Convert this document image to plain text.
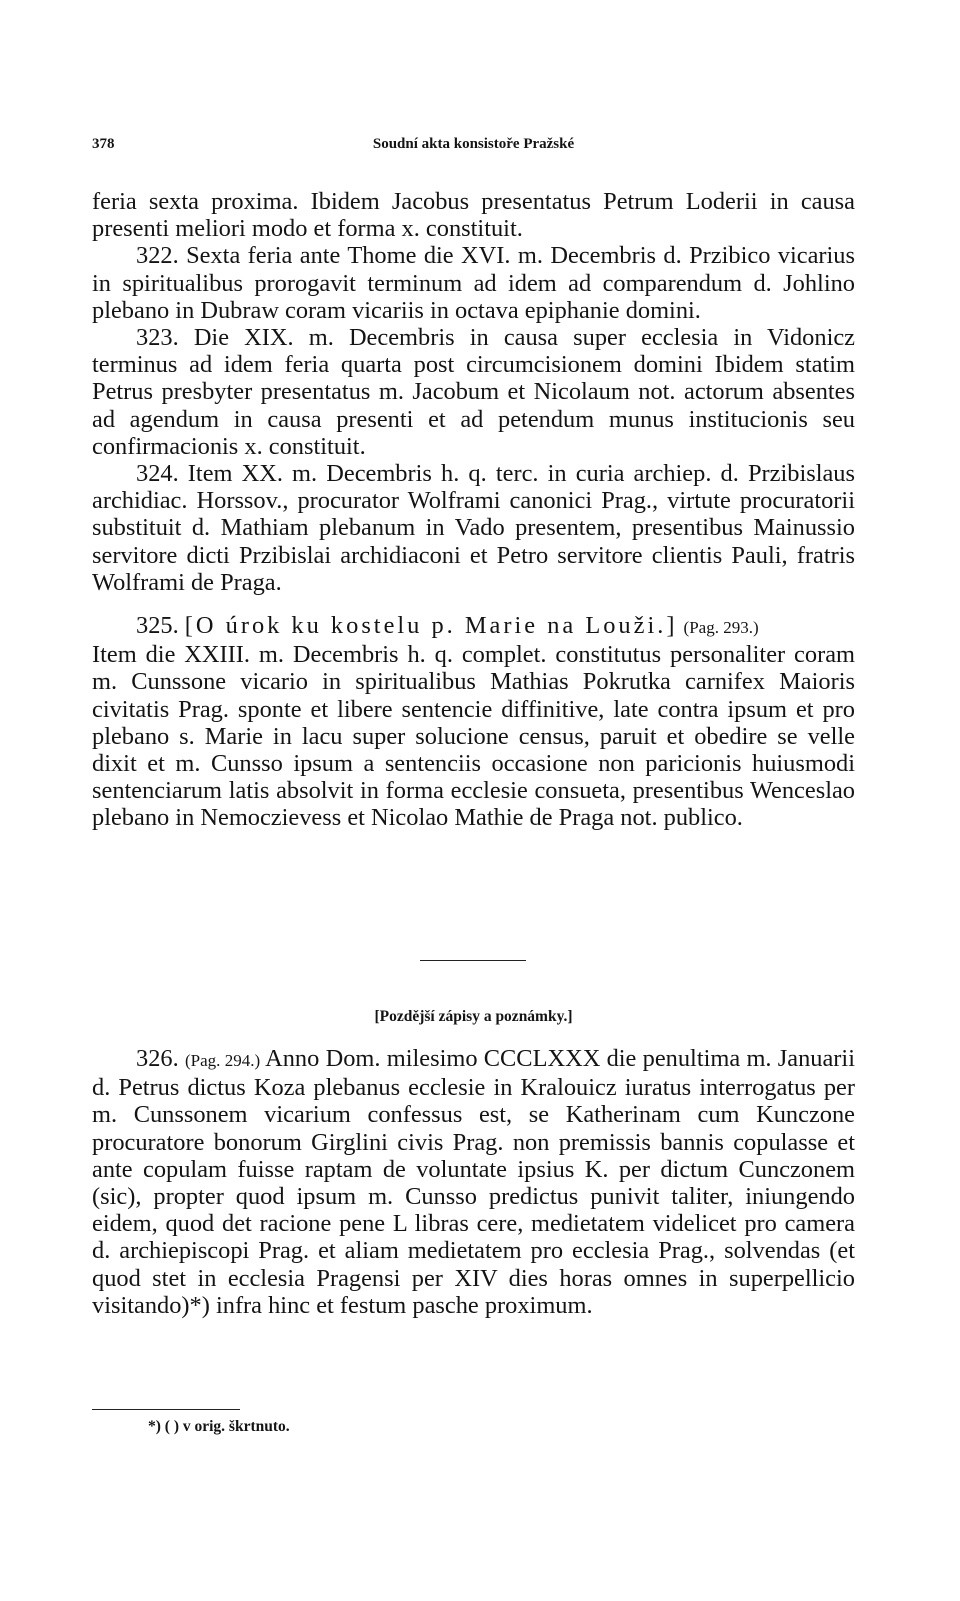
378	Soudní akta konsistoře Pražské

feria sexta proxima. Ibidem Jacobus presentatus Petrum Loderii in causa presenti meliori modo et forma x. constituit.

322. Sexta feria ante Thome die XVI. m. Decembris d. Przibico vicarius in spiritualibus prorogavit terminum ad idem ad comparendum d. Johlino plebano in Dubraw coram vicariis in octava epiphanie domini.

323. Die XIX. m. Decembris in causa super ecclesia in Vidonicz terminus ad idem feria quarta post circumcisionem domini Ibidem statim Petrus presbyter presentatus m. Jacobum et Nicolaum not. actorum absentes ad agendum in causa presenti et ad petendum munus institucionis seu confirmacionis x. constituit.

324. Item XX. m. Decembris h. q. terc. in curia archiep. d. Przibislaus archidiac. Horssov., procurator Wolframi canonici Prag., virtute procuratorii substituit d. Mathiam plebanum in Vado presentem, presentibus Mainussio servitore dicti Przibislai archidiaconi et Petro servitore clientis Pauli, fratris Wolframi de Praga.

325. [O úrok ku kostelu p. Marie na Louži.] (Pag. 293.)

Item die XXIII. m. Decembris h. q. complet. constitutus personaliter coram m. Cunssone vicario in spiritualibus Mathias Pokrutka carnifex Maioris civitatis Prag. sponte et libere sentencie diffinitive, late contra ipsum et pro plebano s. Marie in lacu super solucione census, paruit et obedire se velle dixit et m. Cunsso ipsum a sentenciis occasione non paricionis huiusmodi sentenciarum latis absolvit in forma ecclesie consueta, presentibus Wenceslao plebano in Nemoczievess et Nicolao Mathie de Praga not. publico.

[Pozdější zápisy a poznámky.]

326. (Pag. 294.) Anno Dom. milesimo CCCLXXX die penultima m. Januarii d. Petrus dictus Koza plebanus ecclesie in Kralouicz iuratus interrogatus per m. Cunssonem vicarium confessus est, se Katherinam cum Kunczone procuratore bonorum Girglini civis Prag. non premissis bannis copulasse et ante copulam fuisse raptam de voluntate ipsius K. per dictum Cunczonem (sic), propter quod ipsum m. Cunsso predictus punivit taliter, iniungendo eidem, quod det racione pene L libras cere, medietatem videlicet pro camera d. archiepiscopi Prag. et aliam medietatem pro ecclesia Prag., solvendas (et quod stet in ecclesia Pragensi per XIV dies horas omnes in superpellicio visitando)*) infra hinc et festum pasche proximum.

*) ( ) v orig. škrtnuto.
